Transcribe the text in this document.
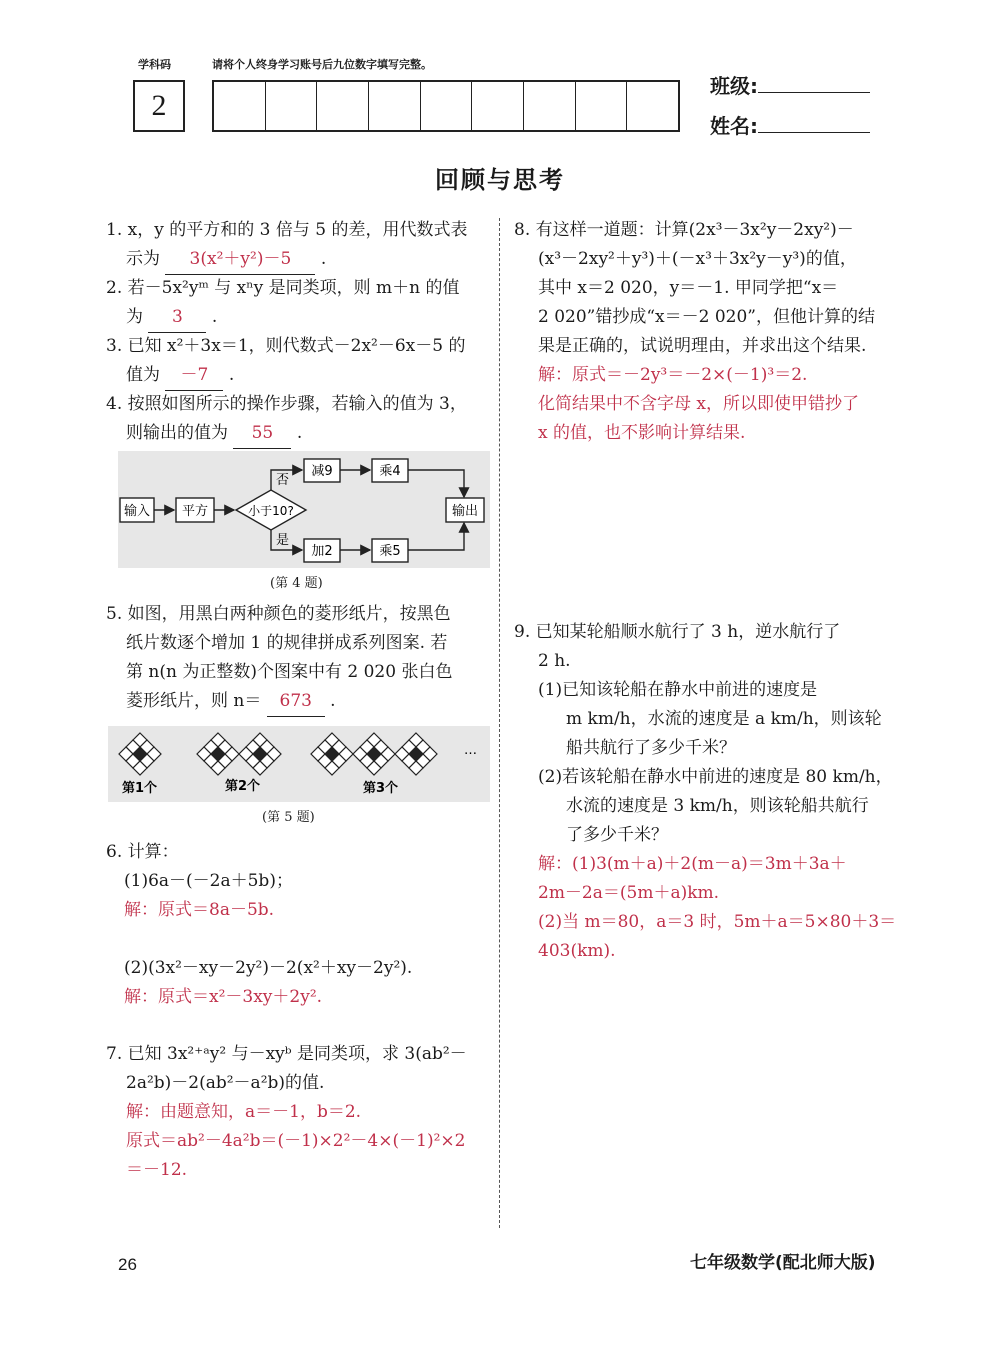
学科码	请将个人终身学习账号后九位数字填写完整。
2
班级:
姓名:
回顾与思考
1. x，y 的平方和的 3 倍与 5 的差，用代数式表
示为 3(x²＋y²)－5 .
2. 若－5x²yᵐ 与 xⁿy 是同类项，则 m＋n 的值
为 3 .
3. 已知 x²＋3x＝1，则代数式－2x²－6x－5 的
值为 －7 .
4. 按照如图所示的操作步骤，若输入的值为 3，
则输出的值为 55 .
输入 平方	小于10?
否
是
减9	乘4
加2	乘5
输出
(第 4 题)
5. 如图，用黑白两种颜色的菱形纸片，按黑色
纸片数逐个增加 1 的规律拼成系列图案. 若
第 n(n 为正整数)个图案中有 2 020 张白色
菱形纸片，则 n＝ 673 .
第1个	第2个	第3个
…
(第 5 题)
6. 计算：
(1)6a－(－2a＋5b)；
解：原式＝8a－5b.
(2)(3x²－xy－2y²)－2(x²＋xy－2y²).
解：原式＝x²－3xy＋2y².
7. 已知 3x²⁺ᵃy² 与－xyᵇ 是同类项，求 3(ab²－
2a²b)－2(ab²－a²b)的值.
解：由题意知，a＝－1，b＝2.
原式＝ab²－4a²b＝(－1)×2²－4×(－1)²×2
＝－12.
8. 有这样一道题：计算(2x³－3x²y－2xy²)－
(x³－2xy²＋y³)＋(－x³＋3x²y－y³)的值，
其中 x＝2 020，y＝－1. 甲同学把“x＝
2 020”错抄成“x＝－2 020”，但他计算的结
果是正确的，试说明理由，并求出这个结果.
解：原式＝－2y³＝－2×(－1)³＝2.
化简结果中不含字母 x，所以即使甲错抄了
x 的值，也不影响计算结果.
9. 已知某轮船顺水航行了 3 h，逆水航行了
2 h.
(1)已知该轮船在静水中前进的速度是
m km/h，水流的速度是 a km/h，则该轮
船共航行了多少千米？
(2)若该轮船在静水中前进的速度是 80 km/h，
水流的速度是 3 km/h，则该轮船共航行
了多少千米？
解：(1)3(m＋a)＋2(m－a)＝3m＋3a＋
2m－2a＝(5m＋a)km.
(2)当 m＝80，a＝3 时，5m＋a＝5×80＋3＝
403(km).
26	七年级数学(配北师大版)
